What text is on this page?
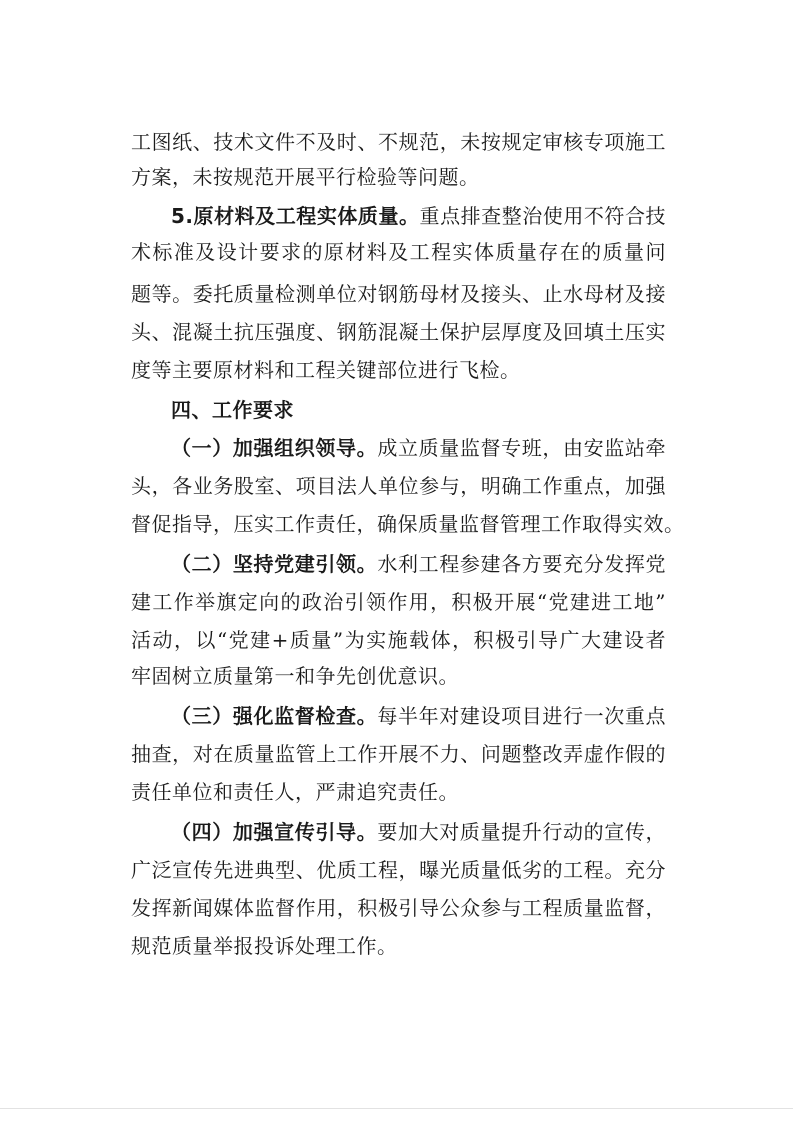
工图纸、技术文件不及时、不规范，未按规定审核专项施工
方案，未按规范开展平行检验等问题。
5.原材料及工程实体质量。重点排查整治使用不符合技
术标准及设计要求的原材料及工程实体质量存在的质量问
题等。委托质量检测单位对钢筋母材及接头、止水母材及接
头、混凝土抗压强度、钢筋混凝土保护层厚度及回填土压实
度等主要原材料和工程关键部位进行飞检。
四、工作要求
（一）加强组织领导。成立质量监督专班，由安监站牵
头，各业务股室、项目法人单位参与，明确工作重点，加强
督促指导，压实工作责任，确保质量监督管理工作取得实效。
（二）坚持党建引领。水利工程参建各方要充分发挥党
建工作举旗定向的政治引领作用，积极开展“党建进工地”
活动，以“党建+质量”为实施载体，积极引导广大建设者
牢固树立质量第一和争先创优意识。
（三）强化监督检查。每半年对建设项目进行一次重点
抽查，对在质量监管上工作开展不力、问题整改弄虚作假的
责任单位和责任人，严肃追究责任。
（四）加强宣传引导。要加大对质量提升行动的宣传，
广泛宣传先进典型、优质工程，曝光质量低劣的工程。充分
发挥新闻媒体监督作用，积极引导公众参与工程质量监督，
规范质量举报投诉处理工作。
